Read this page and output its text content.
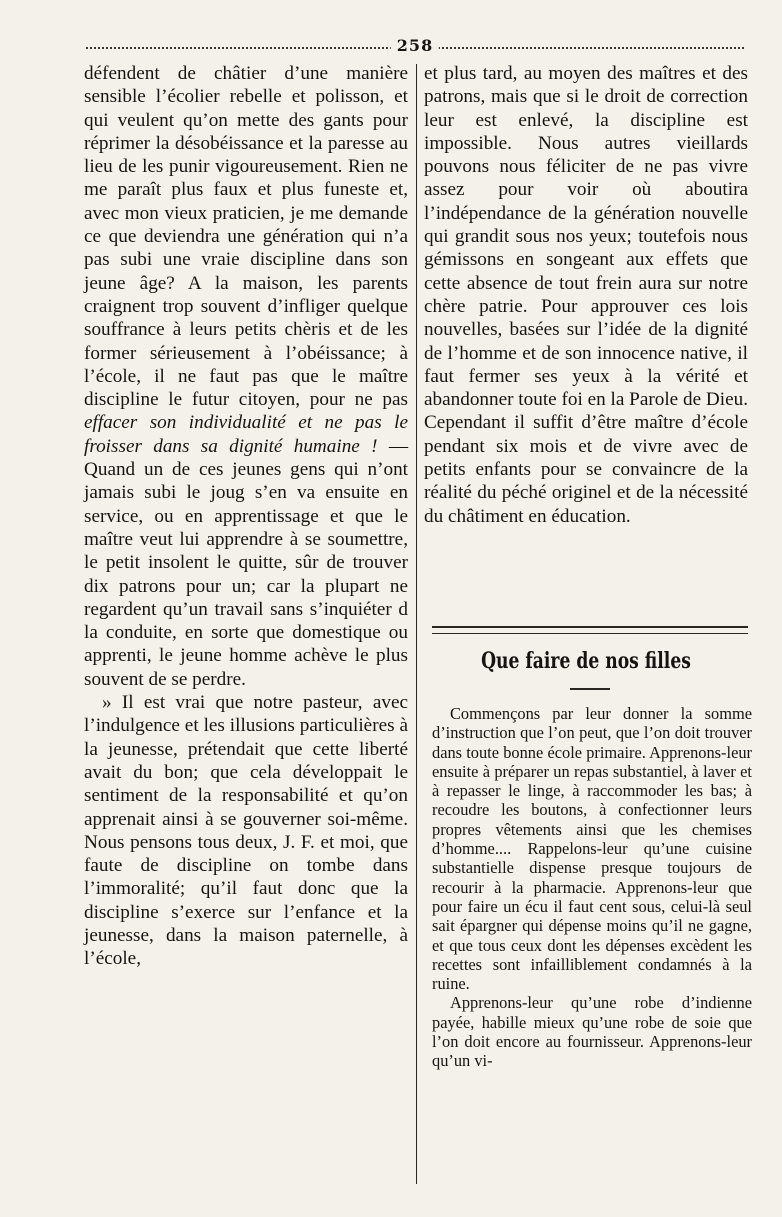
258

défendent de châtier d’une manière sensible l’écolier rebelle et polisson, et qui veulent qu’on mette des gants pour réprimer la désobéissance et la paresse au lieu de les punir vigoureusement. Rien ne me paraît plus faux et plus funeste et, avec mon vieux praticien, je me demande ce que deviendra une génération qui n’a pas subi une vraie discipline dans son jeune âge? A la maison, les parents craignent trop souvent d’infliger quelque souffrance à leurs petits chèris et de les former sérieusement à l’obéissance; à l’école, il ne faut pas que le maître discipline le futur citoyen, pour ne pas effacer son individualité et ne pas le froisser dans sa dignité humaine ! — Quand un de ces jeunes gens qui n’ont jamais subi le joug s’en va ensuite en service, ou en apprentissage et que le maître veut lui apprendre à se soumettre, le petit insolent le quitte, sûr de trouver dix patrons pour un; car la plupart ne regardent qu’un travail sans s’inquiéter d la conduite, en sorte que domestique ou apprenti, le jeune homme achève le plus souvent de se perdre.

» Il est vrai que notre pasteur, avec l’indulgence et les illusions particulières à la jeunesse, prétendait que cette liberté avait du bon; que cela développait le sentiment de la responsabilité et qu’on apprenait ainsi à se gouverner soi-même. Nous pensons tous deux, J. F. et moi, que faute de discipline on tombe dans l’immoralité; qu’il faut donc que la discipline s’exerce sur l’enfance et la jeunesse, dans la maison paternelle, à l’école,

et plus tard, au moyen des maîtres et des patrons, mais que si le droit de correction leur est enlevé, la discipline est impossible. Nous autres vieillards pouvons nous féliciter de ne pas vivre assez pour voir où aboutira l’indépendance de la génération nouvelle qui grandit sous nos yeux; toutefois nous gémissons en songeant aux effets que cette absence de tout frein aura sur notre chère patrie. Pour approuver ces lois nouvelles, basées sur l’idée de la dignité de l’homme et de son innocence native, il faut fermer ses yeux à la vérité et abandonner toute foi en la Parole de Dieu. Cependant il suffit d’être maître d’école pendant six mois et de vivre avec de petits enfants pour se convaincre de la réalité du péché originel et de la nécessité du châtiment en éducation.

Que faire de nos filles

Commençons par leur donner la somme d’instruction que l’on peut, que l’on doit trouver dans toute bonne école primaire. Apprenons-leur ensuite à préparer un repas substantiel, à laver et à repasser le linge, à raccommoder les bas; à recoudre les boutons, à confectionner leurs propres vêtements ainsi que les chemises d’homme.... Rappelons-leur qu’une cuisine substantielle dispense presque toujours de recourir à la pharmacie. Apprenons-leur que pour faire un écu il faut cent sous, celui-là seul sait épargner qui dépense moins qu’il ne gagne, et que tous ceux dont les dépenses excèdent les recettes sont infailliblement condamnés à la ruine.

Apprenons-leur qu’une robe d’indienne payée, habille mieux qu’une robe de soie que l’on doit encore au fournisseur. Apprenons-leur qu’un vi-
